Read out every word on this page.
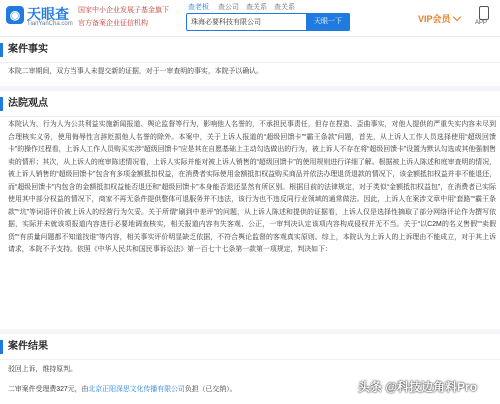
◉ 天眼查
TianYanCha.com
国家中小企业发展子基金旗下
官方备案企业征信机构
查老板 查公司 查关系 查关系
珠海必要科技有限公司
天眼一下	VIP会员	APP
案件事实
本院二审期间，双方当事人未提交新的证据，对于一审查明的事实，本院予以确认。
法院观点
本院认为，行为人为公共利益实施新闻报道、舆论监督等行为，影响他人名誉的，不承担民事责任，但存在捏造、歪曲事实，对他人提供的严重失实内容未尽到合理核实义务，使用侮辱性言辞贬损他人名誉的除外。本案中，关于上诉人报道的“超级回馈卡”“霸王条款”问题，首先，从上诉人工作人员选择使用“超级回馈卡”的操作过程看，上诉人工作人员购买实涉“超级回馈卡”应是其在自愿基础上主动勾选做出的行为，被上诉人不存在将“超级回馈卡”设置为默认勾选或其他强制售卖的情形；其次，从上诉人的庭审陈述情况看，上诉人实际并能对被上诉人销售的“超级回馈卡”的使用规则进行详细了解。根据被上诉人陈述和庭审查明的情况，被上诉人销售的“超级回馈卡”包含有多项金额抵扣权益，在消费者实际使用金额抵扣权益购买商品并依法办理退货退款的情况下，该金额抵扣权益并非不能退还，而“超级回馈卡”内包含的金额抵扣权益能否退还和“超级回馈卡”本身能否退还显然有所区别。根据目前的法律规定，对于类似“金额抵扣权益包”，在消费者已实际使用其中部分权益的情况下，商家不再无条件提供整体可退服务并不违法，该行为也不违反同行业领域的通常做法。因此，上诉人在案涉文章中用“套路”“霸王条款”“坑”等词语评价被上诉人的经营行为欠妥。关于所谓“刷到中差评”的问题，从上诉人陈述和提供的证据看，上诉人仅是选择性摘取了部分网络评论作为撰写依据，实际并未就该项报道内容进行必要地调查核实，相关报道内容有失客观、公正，一审判决认定该项内容构成侵权并无不当。关于“以C2M的名义售假”“卖假货”“有质量问题都不知道找谁”等内容，相关事实评价明显缺乏依据，不符合舆论监督的客观真实原则。综上，本院认为上诉人的上诉理由不能成立，对于其上诉请求，本院不予支持。依照《中华人民共和国民事诉讼法》第一百七十七条第一款第一项规定，判决如下：
案件结果
驳回上诉，维持原判。
二审案件受理费327元，由北京正阳深思文化传播有限公司负担（已交纳）。	头条 @科技边角料Pro
